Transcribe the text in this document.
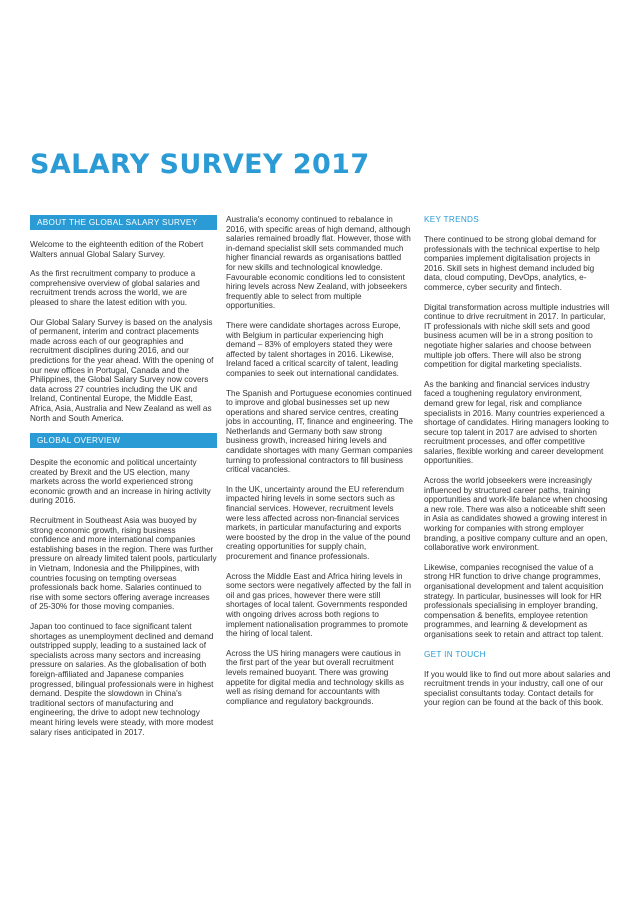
SALARY SURVEY 2017
ABOUT THE GLOBAL SALARY SURVEY

Welcome to the eighteenth edition of the Robert Walters annual Global Salary Survey.

As the first recruitment company to produce a comprehensive overview of global salaries and recruitment trends across the world, we are pleased to share the latest edition with you.

Our Global Salary Survey is based on the analysis of permanent, interim and contract placements made across each of our geographies and recruitment disciplines during 2016, and our predictions for the year ahead. With the opening of our new offices in Portugal, Canada and the Philippines, the Global Salary Survey now covers data across 27 countries including the UK and Ireland, Continental Europe, the Middle East, Africa, Asia, Australia and New Zealand as well as North and South America.

GLOBAL OVERVIEW

Despite the economic and political uncertainty created by Brexit and the US election, many markets across the world experienced strong economic growth and an increase in hiring activity during 2016.

Recruitment in Southeast Asia was buoyed by strong economic growth, rising business confidence and more international companies establishing bases in the region. There was further pressure on already limited talent pools, particularly in Vietnam, Indonesia and the Philippines, with countries focusing on tempting overseas professionals back home. Salaries continued to rise with some sectors offering average increases of 25-30% for those moving companies.

Japan too continued to face significant talent shortages as unemployment declined and demand outstripped supply, leading to a sustained lack of specialists across many sectors and increasing pressure on salaries. As the globalisation of both foreign-affiliated and Japanese companies progressed, bilingual professionals were in highest demand. Despite the slowdown in China's traditional sectors of manufacturing and engineering, the drive to adopt new technology meant hiring levels were steady, with more modest salary rises anticipated in 2017.

Australia's economy continued to rebalance in 2016, with specific areas of high demand, although salaries remained broadly flat. However, those with in-demand specialist skill sets commanded much higher financial rewards as organisations battled for new skills and technological knowledge. Favourable economic conditions led to consistent hiring levels across New Zealand, with jobseekers frequently able to select from multiple opportunities.

There were candidate shortages across Europe, with Belgium in particular experiencing high demand – 83% of employers stated they were affected by talent shortages in 2016. Likewise, Ireland faced a critical scarcity of talent, leading companies to seek out international candidates.

The Spanish and Portuguese economies continued to improve and global businesses set up new operations and shared service centres, creating jobs in accounting, IT, finance and engineering. The Netherlands and Germany both saw strong business growth, increased hiring levels and candidate shortages with many German companies turning to professional contractors to fill business critical vacancies.

In the UK, uncertainty around the EU referendum impacted hiring levels in some sectors such as financial services. However, recruitment levels were less affected across non-financial services markets, in particular manufacturing and exports were boosted by the drop in the value of the pound creating opportunities for supply chain, procurement and finance professionals.

Across the Middle East and Africa hiring levels in some sectors were negatively affected by the fall in oil and gas prices, however there were still shortages of local talent. Governments responded with ongoing drives across both regions to implement nationalisation programmes to promote the hiring of local talent.

Across the US hiring managers were cautious in the first part of the year but overall recruitment levels remained buoyant. There was growing appetite for digital media and technology skills as well as rising demand for accountants with compliance and regulatory backgrounds.

KEY TRENDS

There continued to be strong global demand for professionals with the technical expertise to help companies implement digitalisation projects in 2016. Skill sets in highest demand included big data, cloud computing, DevOps, analytics, e-commerce, cyber security and fintech.

Digital transformation across multiple industries will continue to drive recruitment in 2017. In particular, IT professionals with niche skill sets and good business acumen will be in a strong position to negotiate higher salaries and choose between multiple job offers. There will also be strong competition for digital marketing specialists.

As the banking and financial services industry faced a toughening regulatory environment, demand grew for legal, risk and compliance specialists in 2016. Many countries experienced a shortage of candidates. Hiring managers looking to secure top talent in 2017 are advised to shorten recruitment processes, and offer competitive salaries, flexible working and career development opportunities.

Across the world jobseekers were increasingly influenced by structured career paths, training opportunities and work-life balance when choosing a new role. There was also a noticeable shift seen in Asia as candidates showed a growing interest in working for companies with strong employer branding, a positive company culture and an open, collaborative work environment.

Likewise, companies recognised the value of a strong HR function to drive change programmes, organisational development and talent acquisition strategy. In particular, businesses will look for HR professionals specialising in employer branding, compensation & benefits, employee retention programmes, and learning & development as organisations seek to retain and attract top talent.

GET IN TOUCH

If you would like to find out more about salaries and recruitment trends in your industry, call one of our specialist consultants today. Contact details for your region can be found at the back of this book.
